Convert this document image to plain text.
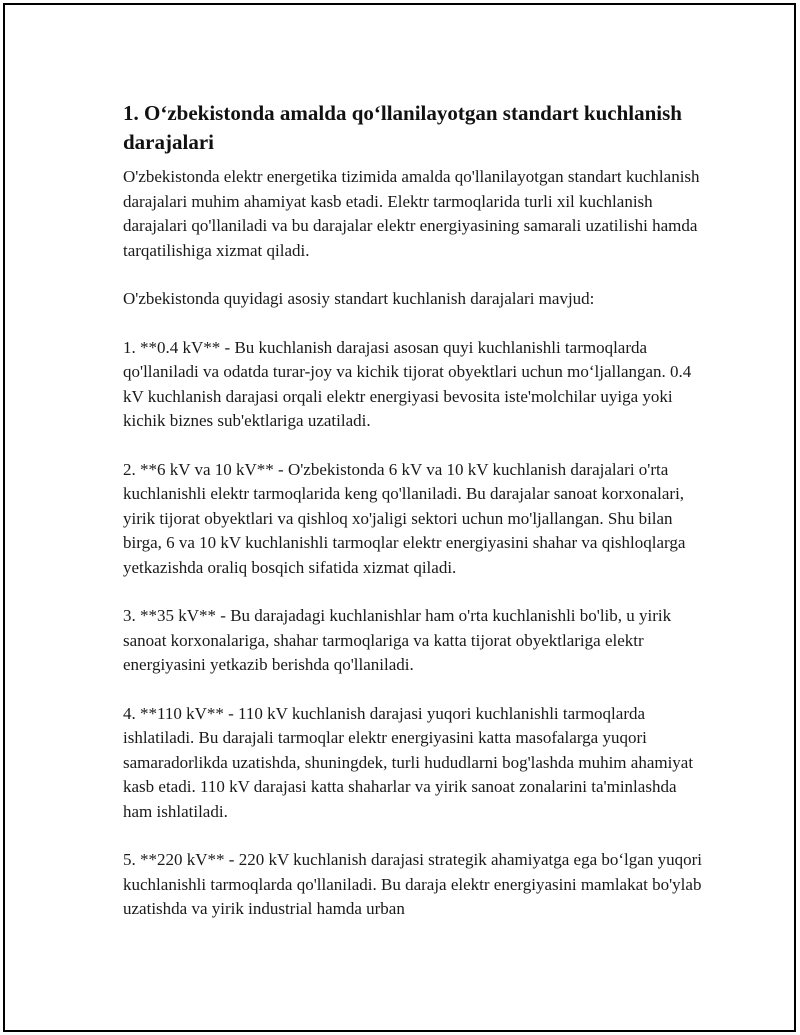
1. O‘zbekistonda amalda qo‘llanilayotgan standart kuchlanish darajalari

O'zbekistonda elektr energetika tizimida amalda qo'llanilayotgan standart kuchlanish darajalari muhim ahamiyat kasb etadi. Elektr tarmoqlarida turli xil kuchlanish darajalari qo'llaniladi va bu darajalar elektr energiyasining samarali uzatilishi hamda tarqatilishiga xizmat qiladi.

O'zbekistonda quyidagi asosiy standart kuchlanish darajalari mavjud:

1. **0.4 kV** - Bu kuchlanish darajasi asosan quyi kuchlanishli tarmoqlarda qo'llaniladi va odatda turar-joy va kichik tijorat obyektlari uchun mo‘ljallangan. 0.4 kV kuchlanish darajasi orqali elektr energiyasi bevosita iste'molchilar uyiga yoki kichik biznes sub'ektlariga uzatiladi.

2. **6 kV va 10 kV** - O'zbekistonda 6 kV va 10 kV kuchlanish darajalari o'rta kuchlanishli elektr tarmoqlarida keng qo'llaniladi. Bu darajalar sanoat korxonalari, yirik tijorat obyektlari va qishloq xo'jaligi sektori uchun mo'ljallangan. Shu bilan birga, 6 va 10 kV kuchlanishli tarmoqlar elektr energiyasini shahar va qishloqlarga yetkazishda oraliq bosqich sifatida xizmat qiladi.

3. **35 kV** - Bu darajadagi kuchlanishlar ham o'rta kuchlanishli bo'lib, u yirik sanoat korxonalariga, shahar tarmoqlariga va katta tijorat obyektlariga elektr energiyasini yetkazib berishda qo'llaniladi.

4. **110 kV** - 110 kV kuchlanish darajasi yuqori kuchlanishli tarmoqlarda ishlatiladi. Bu darajali tarmoqlar elektr energiyasini katta masofalarga yuqori samaradorlikda uzatishda, shuningdek, turli hududlarni bog'lashda muhim ahamiyat kasb etadi. 110 kV darajasi katta shaharlar va yirik sanoat zonalarini ta'minlashda ham ishlatiladi.

5. **220 kV** - 220 kV kuchlanish darajasi strategik ahamiyatga ega bo‘lgan yuqori kuchlanishli tarmoqlarda qo'llaniladi. Bu daraja elektr energiyasini mamlakat bo'ylab uzatishda va yirik industrial hamda urban
